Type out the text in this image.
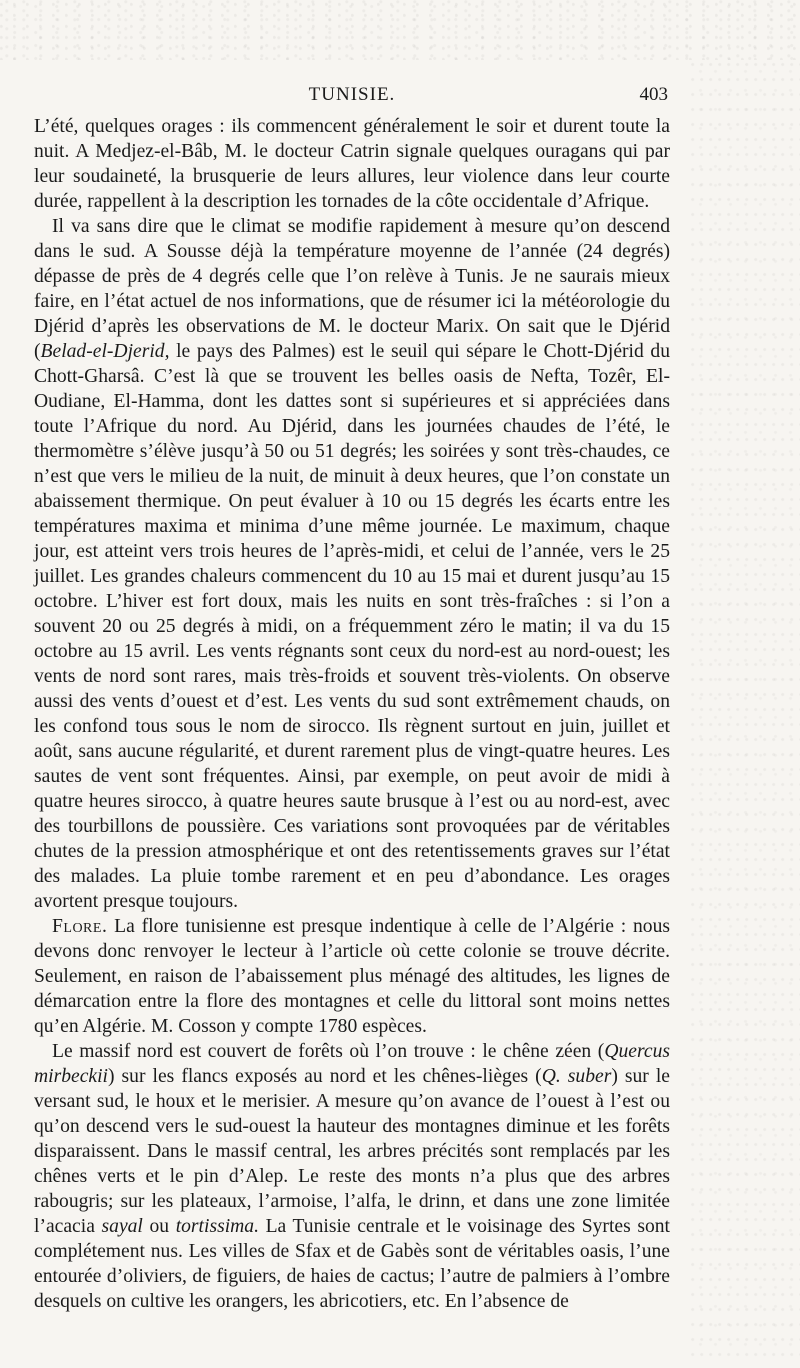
TUNISIE.	403

L’été, quelques orages : ils commencent généralement le soir et durent toute la nuit. A Medjez-el-Bâb, M. le docteur Catrin signale quelques ouragans qui par leur soudaineté, la brusquerie de leurs allures, leur violence dans leur courte durée, rappellent à la description les tornades de la côte occidentale d’Afrique.

Il va sans dire que le climat se modifie rapidement à mesure qu’on descend dans le sud. A Sousse déjà la température moyenne de l’année (24 degrés) dépasse de près de 4 degrés celle que l’on relève à Tunis. Je ne saurais mieux faire, en l’état actuel de nos informations, que de résumer ici la météorologie du Djérid d’après les observations de M. le docteur Marix. On sait que le Djérid (Belad-el-Djerid, le pays des Palmes) est le seuil qui sépare le Chott-Djérid du Chott-Gharsâ. C’est là que se trouvent les belles oasis de Nefta, Tozêr, El-Oudiane, El-Hamma, dont les dattes sont si supérieures et si appréciées dans toute l’Afrique du nord. Au Djérid, dans les journées chaudes de l’été, le thermomètre s’élève jusqu’à 50 ou 51 degrés; les soirées y sont très-chaudes, ce n’est que vers le milieu de la nuit, de minuit à deux heures, que l’on constate un abaissement thermique. On peut évaluer à 10 ou 15 degrés les écarts entre les températures maxima et minima d’une même journée. Le maximum, chaque jour, est atteint vers trois heures de l’après-midi, et celui de l’année, vers le 25 juillet. Les grandes chaleurs commencent du 10 au 15 mai et durent jusqu’au 15 octobre. L’hiver est fort doux, mais les nuits en sont très-fraîches : si l’on a souvent 20 ou 25 degrés à midi, on a fréquemment zéro le matin; il va du 15 octobre au 15 avril. Les vents régnants sont ceux du nord-est au nord-ouest; les vents de nord sont rares, mais très-froids et souvent très-violents. On observe aussi des vents d’ouest et d’est. Les vents du sud sont extrêmement chauds, on les confond tous sous le nom de sirocco. Ils règnent surtout en juin, juillet et août, sans aucune régularité, et durent rarement plus de vingt-quatre heures. Les sautes de vent sont fréquentes. Ainsi, par exemple, on peut avoir de midi à quatre heures sirocco, à quatre heures saute brusque à l’est ou au nord-est, avec des tourbillons de poussière. Ces variations sont provoquées par de véritables chutes de la pression atmosphérique et ont des retentissements graves sur l’état des malades. La pluie tombe rarement et en peu d’abondance. Les orages avortent presque toujours.

Flore. La flore tunisienne est presque indentique à celle de l’Algérie : nous devons donc renvoyer le lecteur à l’article où cette colonie se trouve décrite. Seulement, en raison de l’abaissement plus ménagé des altitudes, les lignes de démarcation entre la flore des montagnes et celle du littoral sont moins nettes qu’en Algérie. M. Cosson y compte 1780 espèces.

Le massif nord est couvert de forêts où l’on trouve : le chêne zéen (Quercus mirbeckii) sur les flancs exposés au nord et les chênes-lièges (Q. suber) sur le versant sud, le houx et le merisier. A mesure qu’on avance de l’ouest à l’est ou qu’on descend vers le sud-ouest la hauteur des montagnes diminue et les forêts disparaissent. Dans le massif central, les arbres précités sont remplacés par les chênes verts et le pin d’Alep. Le reste des monts n’a plus que des arbres rabougris; sur les plateaux, l’armoise, l’alfa, le drinn, et dans une zone limitée l’acacia sayal ou tortissima. La Tunisie centrale et le voisinage des Syrtes sont complétement nus. Les villes de Sfax et de Gabès sont de véritables oasis, l’une entourée d’oliviers, de figuiers, de haies de cactus; l’autre de palmiers à l’ombre desquels on cultive les orangers, les abricotiers, etc. En l’absence de
